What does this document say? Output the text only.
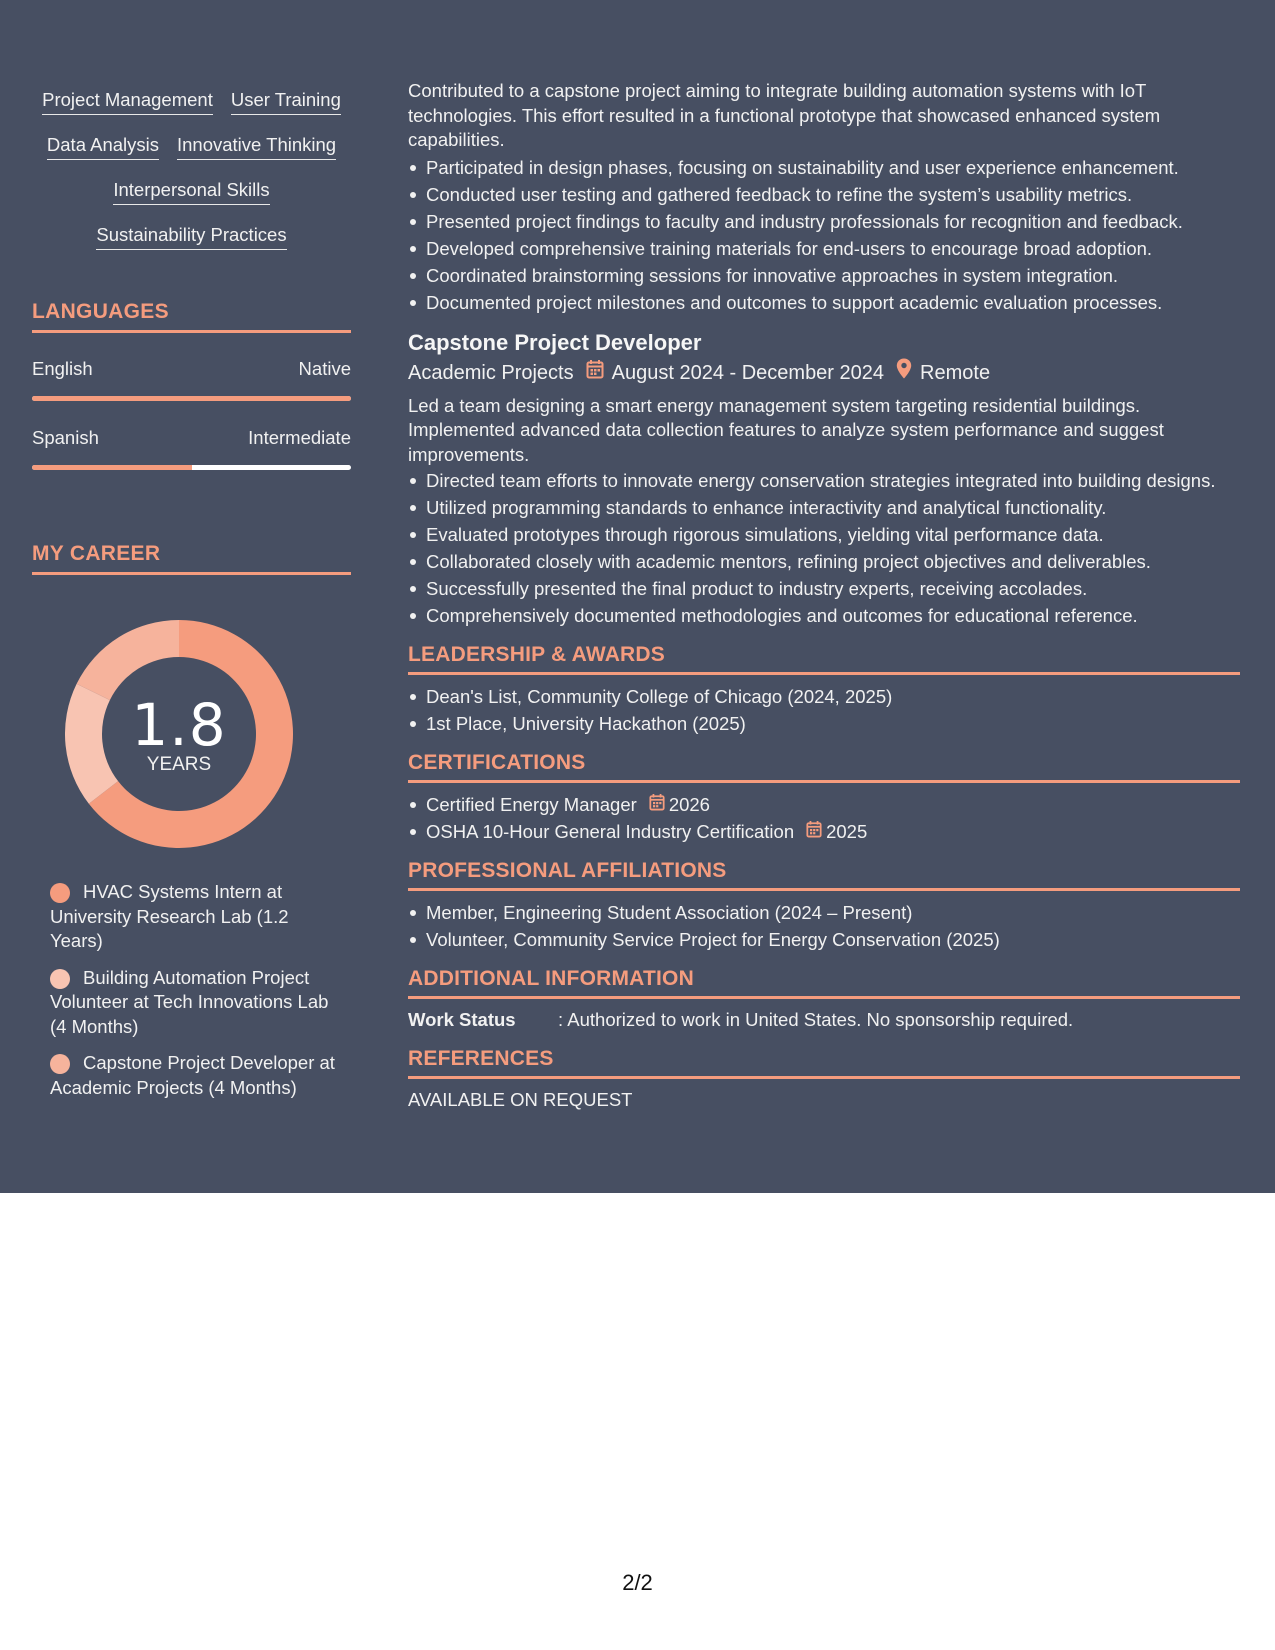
Project Management User Training
Data Analysis Innovative Thinking
Interpersonal Skills
Sustainability Practices
LANGUAGES
English	Native
Spanish	Intermediate
MY CAREER
1.8
YEARS
HVAC Systems Intern at University Research Lab (1.2 Years)
Building Automation Project Volunteer at Tech Innovations Lab (4 Months)
Capstone Project Developer at Academic Projects (4 Months)

Contributed to a capstone project aiming to integrate building automation systems with IoT technologies. This effort resulted in a functional prototype that showcased enhanced system capabilities.

Participated in design phases, focusing on sustainability and user experience enhancement.
Conducted user testing and gathered feedback to refine the system’s usability metrics.
Presented project findings to faculty and industry professionals for recognition and feedback.
Developed comprehensive training materials for end-users to encourage broad adoption.
Coordinated brainstorming sessions for innovative approaches in system integration.
Documented project milestones and outcomes to support academic evaluation processes.
Capstone Project Developer
Academic Projects August 2024 - December 2024 Remote

Led a team designing a smart energy management system targeting residential buildings. Implemented advanced data collection features to analyze system performance and suggest improvements.

Directed team efforts to innovate energy conservation strategies integrated into building designs.
Utilized programming standards to enhance interactivity and analytical functionality.
Evaluated prototypes through rigorous simulations, yielding vital performance data.
Collaborated closely with academic mentors, refining project objectives and deliverables.
Successfully presented the final product to industry experts, receiving accolades.
Comprehensively documented methodologies and outcomes for educational reference.
LEADERSHIP & AWARDS
Dean's List, Community College of Chicago (2024, 2025)
1st Place, University Hackathon (2025)
CERTIFICATIONS
Certified Energy Manager 2026
OSHA 10-Hour General Industry Certification 2025
PROFESSIONAL AFFILIATIONS
Member, Engineering Student Association (2024 – Present)
Volunteer, Community Service Project for Energy Conservation (2025)
ADDITIONAL INFORMATION
Work Status	: Authorized to work in United States. No sponsorship required.
REFERENCES
AVAILABLE ON REQUEST
2/2
